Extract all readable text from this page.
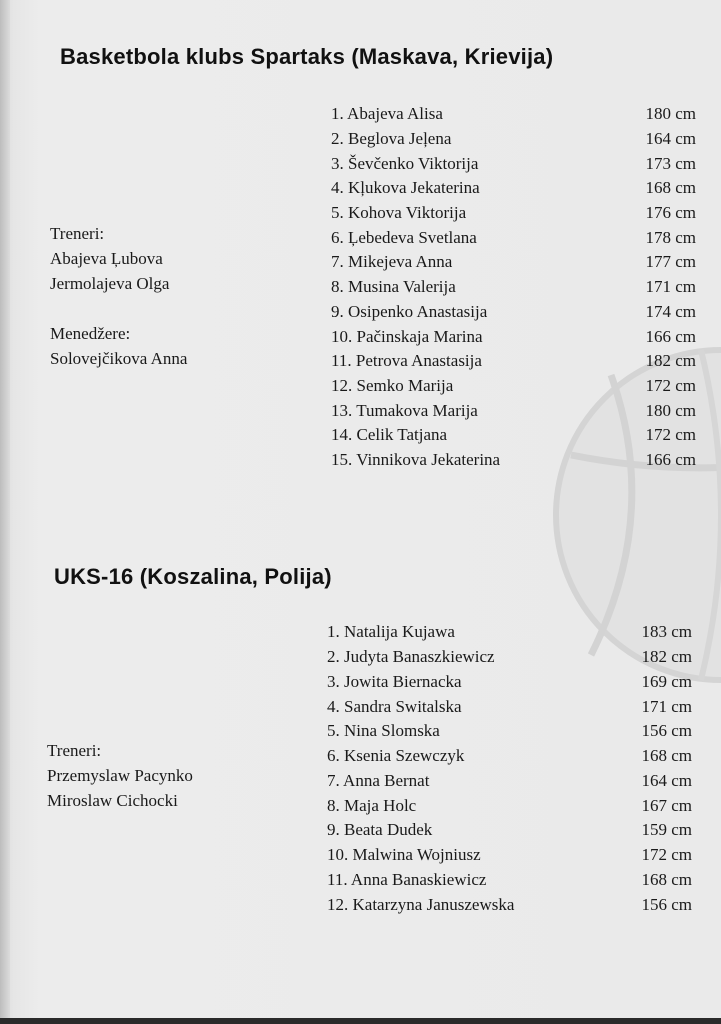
Basketbola klubs Spartaks (Maskava, Krievija)
Treneri:
Abajeva Ļubova
Jermolajeva Olga
Menedžere:
Solovejčikova Anna
1. Abajeva Alisa	180 cm
2. Beglova Jeļena	164 cm
3. Ševčenko Viktorija	173 cm
4. Kļukova Jekaterina	168 cm
5. Kohova Viktorija	176 cm
6. Ļebedeva Svetlana	178 cm
7. Mikejeva Anna	177 cm
8. Musina Valerija	171 cm
9. Osipenko Anastasija	174 cm
10. Pačinskaja Marina	166 cm
11. Petrova Anastasija	182 cm
12. Semko Marija	172 cm
13. Tumakova Marija	180 cm
14. Celik Tatjana	172 cm
15. Vinnikova Jekaterina	166 cm
UKS-16 (Koszalina, Polija)
Treneri:
Przemyslaw Pacynko
Miroslaw Cichocki
1. Natalija Kujawa	183 cm
2. Judyta Banaszkiewicz	182 cm
3. Jowita Biernacka	169 cm
4. Sandra Switalska	171 cm
5. Nina Slomska	156 cm
6. Ksenia Szewczyk	168 cm
7. Anna Bernat	164 cm
8. Maja Holc	167 cm
9. Beata Dudek	159 cm
10. Malwina Wojniusz	172 cm
11. Anna Banaskiewicz	168 cm
12. Katarzyna Januszewska	156 cm
